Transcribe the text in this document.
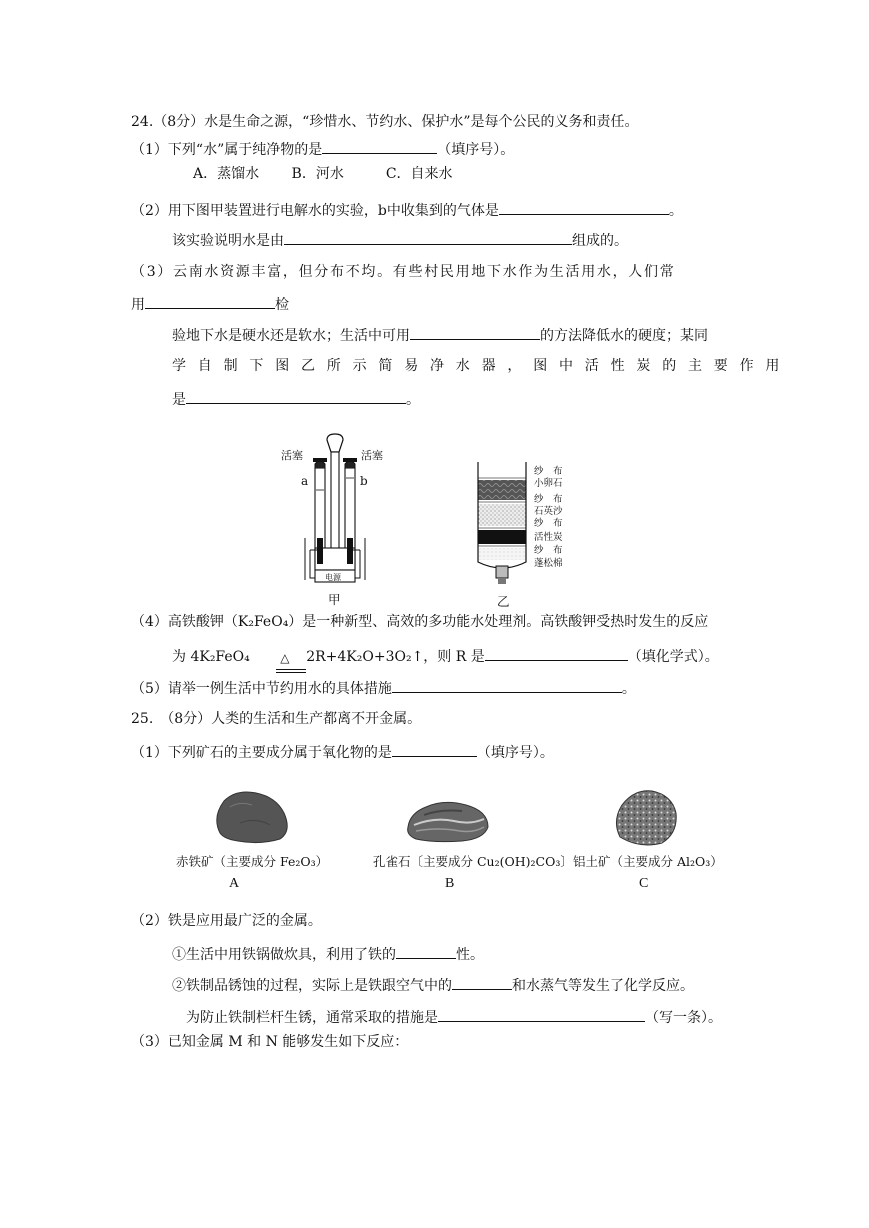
24.（8分）水是生命之源，“珍惜水、节约水、保护水”是每个公民的义务和责任。
（1）下列“水”属于纯净物的是	（填序号）。
A．蒸馏水　　 B．河水　　　C．自来水
（2）用下图甲装置进行电解水的实验，b中收集到的气体是	。
该实验说明水是由	组成的。
（3）云南水资源丰富，但分布不均。有些村民用地下水作为生活用水，人们常
用	检
验地下水是硬水还是软水；生活中可用	的方法降低水的硬度；某同
学自制下图乙所示简易净水器，图中活性炭的主要作用
是	。
活塞	活塞
a	b
电源
甲
纱　布
小卵石
纱　布
石英沙
纱　布
活性炭
纱　布
蓬松棉
乙
（4）高铁酸钾（K₂FeO₄）是一种新型、高效的多功能水处理剂。高铁酸钾受热时发生的反应
为 4K₂FeO₄	△ 2R+4K₂O+3O₂↑，则 R 是	（填化学式）。
（5）请举一例生活中节约用水的具体措施	。
25.　（8分）人类的生活和生产都离不开金属。
（1）下列矿石的主要成分属于氧化物的是	（填序号）。
赤铁矿（主要成分 Fe₂O₃）	孔雀石〔主要成分 Cu₂(OH)₂CO₃〕 铝土矿（主要成分 Al₂O₃）
A	B	C
（2）铁是应用最广泛的金属。
①生活中用铁锅做炊具，利用了铁的	性。
②铁制品锈蚀的过程，实际上是铁跟空气中的	和水蒸气等发生了化学反应。
为防止铁制栏杆生锈，通常采取的措施是	（写一条）。
（3）已知金属 M 和 N 能够发生如下反应：
